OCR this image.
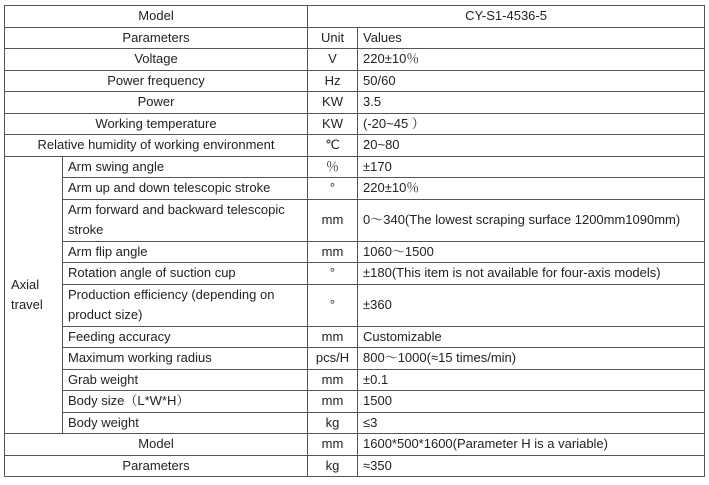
Model		CY-S1-4536-5	
Parameters		Unit	Values
Voltage		V	220±10％
Power frequency		Hz	50/60
Power		KW	3.5
Working temperature		KW	(-20~45 ）
Relative humidity of working environment		℃	20~80
Axial travel	Arm swing angle	％	±170
	Arm up and down telescopic stroke	°	220±10％
	Arm forward and backward telescopic stroke	mm	0～340(The lowest scraping surface 1200mm1090mm)
	Arm flip angle	mm	1060～1500
	Rotation angle of suction cup	°	±180(This item is not available for four-axis models)
	Production efficiency (depending on product size)	°	±360
	Feeding accuracy	mm	Customizable
	Maximum working radius	pcs/H	800～1000(≈15 times/min)
	Grab weight	mm	±0.1
	Body size（L*W*H）	mm	1500
	Body weight	kg	≤3
Model		mm	1600*500*1600(Parameter H is a variable)
Parameters		kg	≈350
